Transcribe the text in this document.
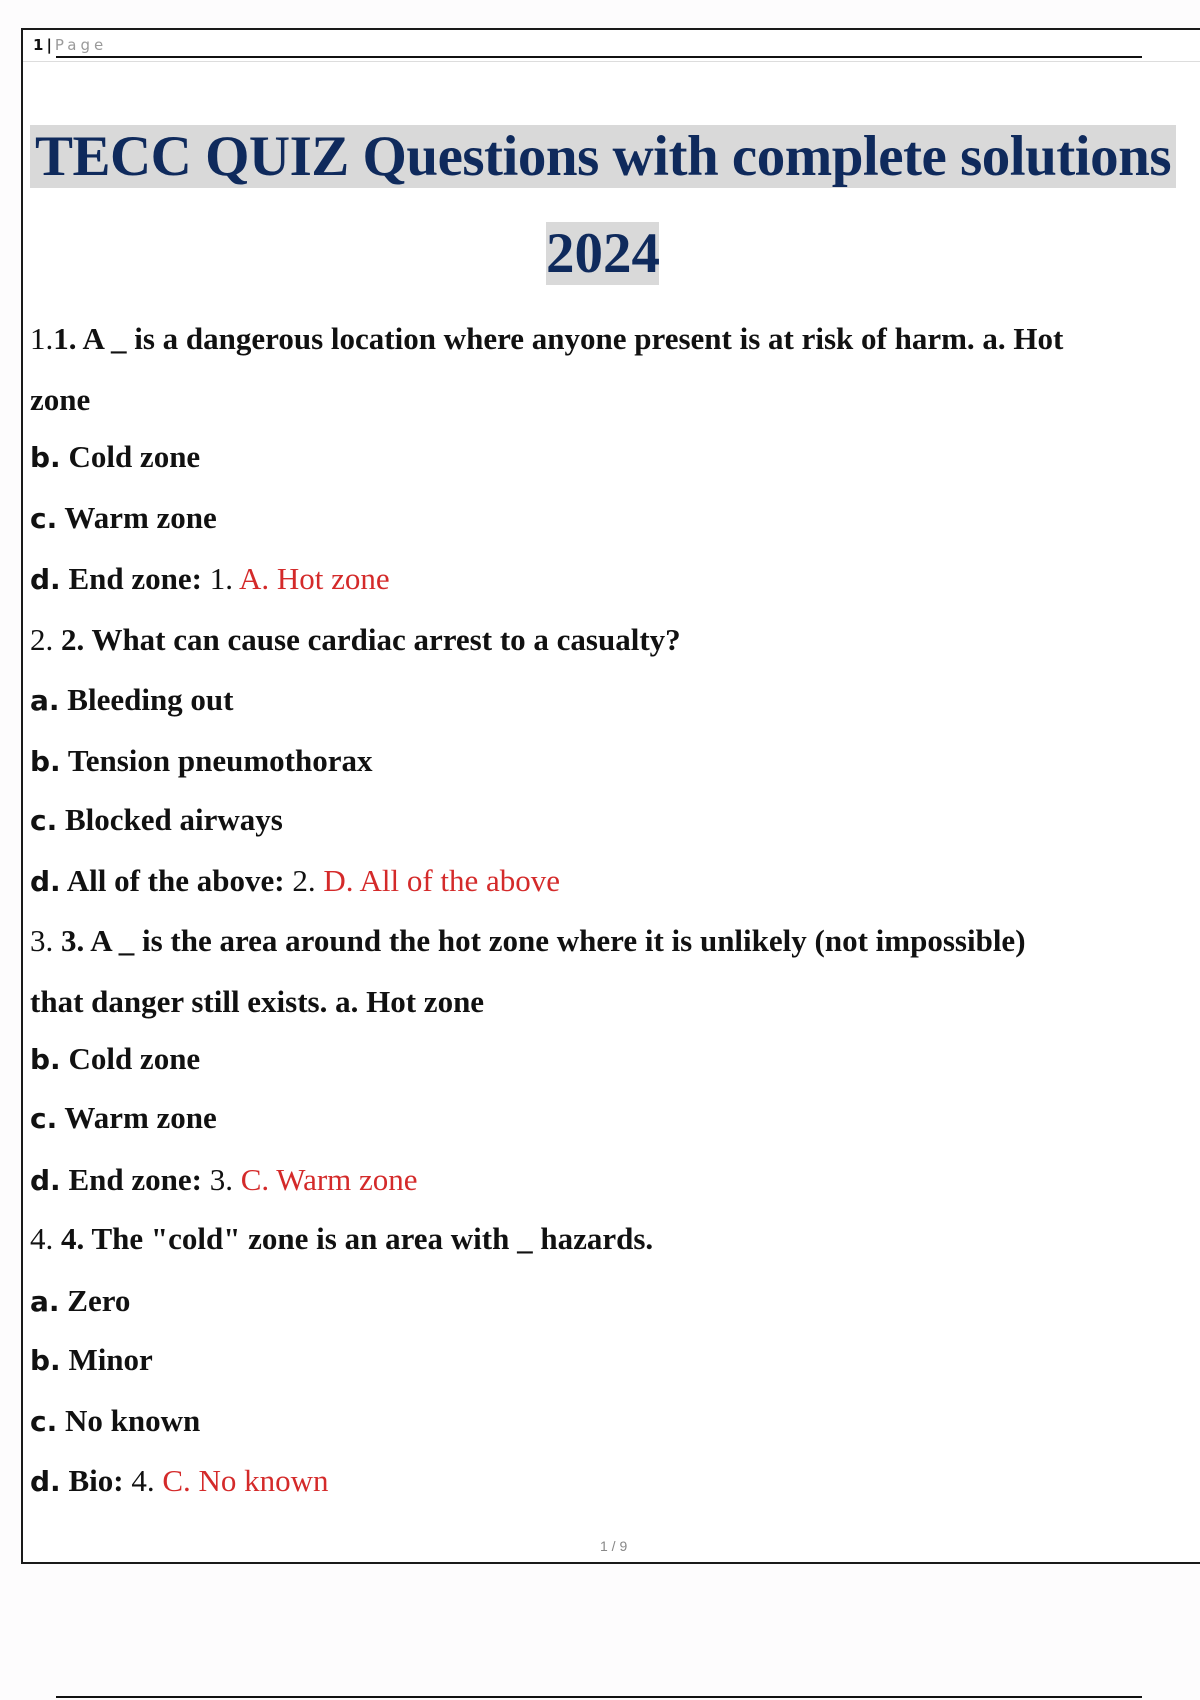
1 | Page
TECC QUIZ Questions with complete solutions
2024
1.1. A _ is a dangerous location where anyone present is at risk of harm. a. Hot
zone
b. Cold zone
c. Warm zone
d. End zone: 1. A. Hot zone
2. 2. What can cause cardiac arrest to a casualty?
a. Bleeding out
b. Tension pneumothorax
c. Blocked airways
d. All of the above: 2. D. All of the above
3. 3. A _ is the area around the hot zone where it is unlikely (not impossible)
that danger still exists. a. Hot zone
b. Cold zone
c. Warm zone
d. End zone: 3. C. Warm zone
4. 4. The "cold" zone is an area with _ hazards.
a. Zero
b. Minor
c. No known
d. Bio: 4. C. No known
1 / 9
